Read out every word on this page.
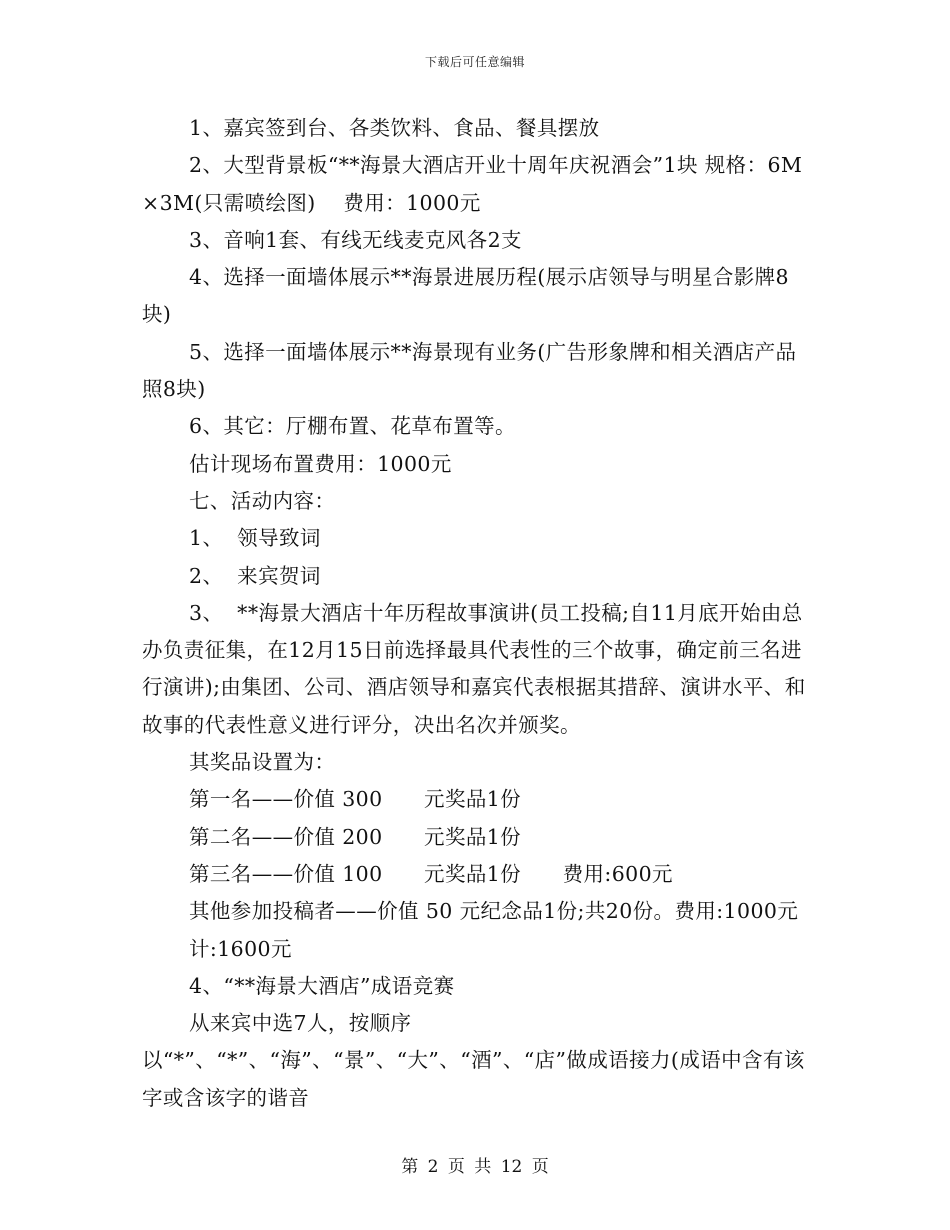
下载后可任意编辑

1、嘉宾签到台、各类饮料、食品、餐具摆放

2、大型背景板“**海景大酒店开业十周年庆祝酒会”1块 规格：6M×3M(只需喷绘图)    费用：1000元

3、音响1套、有线无线麦克风各2支

4、选择一面墙体展示**海景进展历程(展示店领导与明星合影牌8块)

5、选择一面墙体展示**海景现有业务(广告形象牌和相关酒店产品照8块)

6、其它：厅棚布置、花草布置等。

估计现场布置费用：1000元

七、活动内容：

1、  领导致词

2、  来宾贺词

3、  **海景大酒店十年历程故事演讲(员工投稿;自11月底开始由总办负责征集，在12月15日前选择最具代表性的三个故事，确定前三名进行演讲);由集团、公司、酒店领导和嘉宾代表根据其措辞、演讲水平、和故事的代表性意义进行评分，决出名次并颁奖。

其奖品设置为：

第一名——价值 300      元奖品1份

第二名——价值 200      元奖品1份

第三名——价值 100      元奖品1份      费用:600元

其他参加投稿者——价值 50 元纪念品1份;共20份。费用:1000元

计:1600元

4、“**海景大酒店”成语竞赛

从来宾中选7人，按顺序以“*”、“*”、“海”、“景”、“大”、“酒”、“店”做成语接力(成语中含有该字或含该字的谐音

第 2 页 共 12 页
